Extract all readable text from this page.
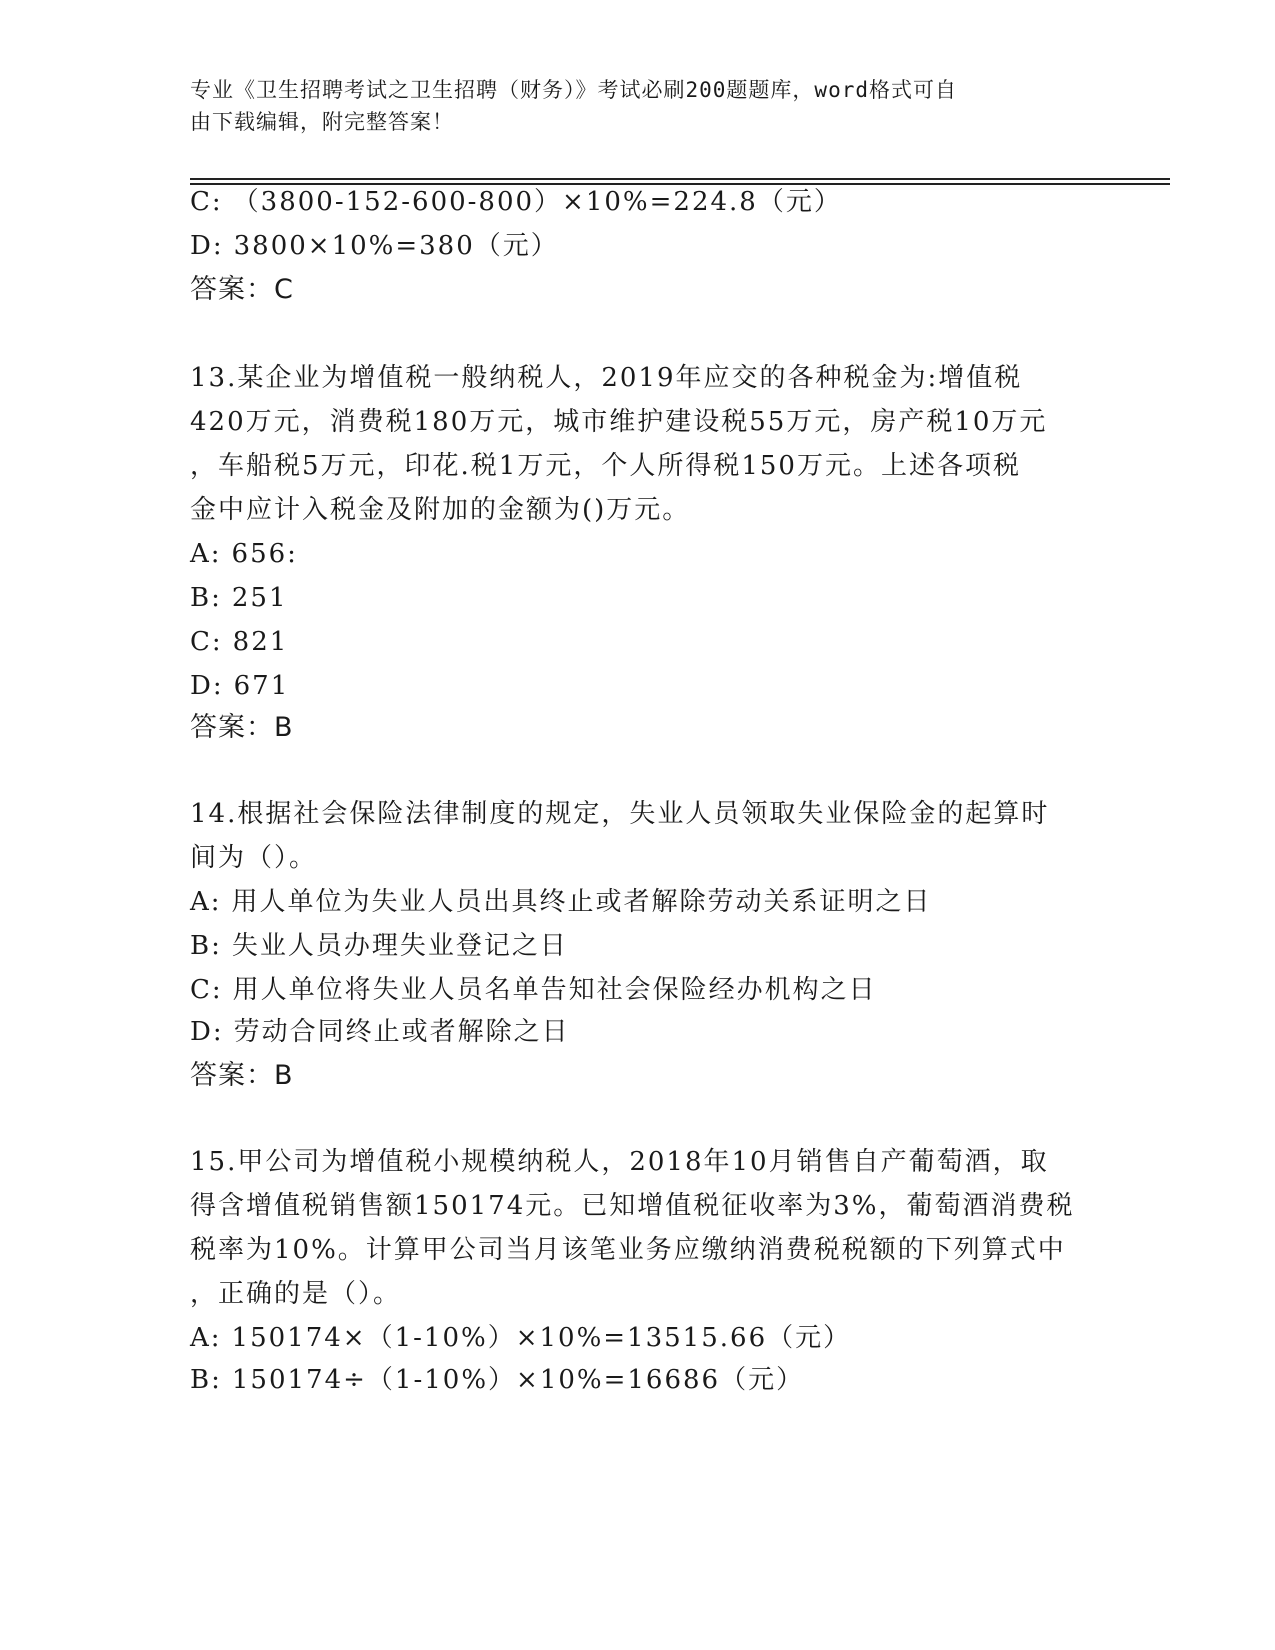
专业《卫生招聘考试之卫生招聘（财务）》考试必刷200题题库，word格式可自
由下载编辑，附完整答案！
C: （3800-152-600-800）×10%=224.8（元）
D: 3800×10%=380（元）
答案：C
13.某企业为增值税一般纳税人，2019年应交的各种税金为:增值税
420万元，消费税180万元，城市维护建设税55万元，房产税10万元
，车船税5万元，印花.税1万元，个人所得税150万元。上述各项税
金中应计入税金及附加的金额为()万元。
A: 656:
B: 251
C: 821
D: 671
答案：B
14.根据社会保险法律制度的规定，失业人员领取失业保险金的起算时
间为（）。
A: 用人单位为失业人员出具终止或者解除劳动关系证明之日
B: 失业人员办理失业登记之日
C: 用人单位将失业人员名单告知社会保险经办机构之日
D: 劳动合同终止或者解除之日
答案：B
15.甲公司为增值税小规模纳税人，2018年10月销售自产葡萄酒，取
得含增值税销售额150174元。已知增值税征收率为3%，葡萄酒消费税
税率为10%。计算甲公司当月该笔业务应缴纳消费税税额的下列算式中
，正确的是（）。
A: 150174×（1-10%）×10%=13515.66（元）
B: 150174÷（1-10%）×10%=16686（元）
